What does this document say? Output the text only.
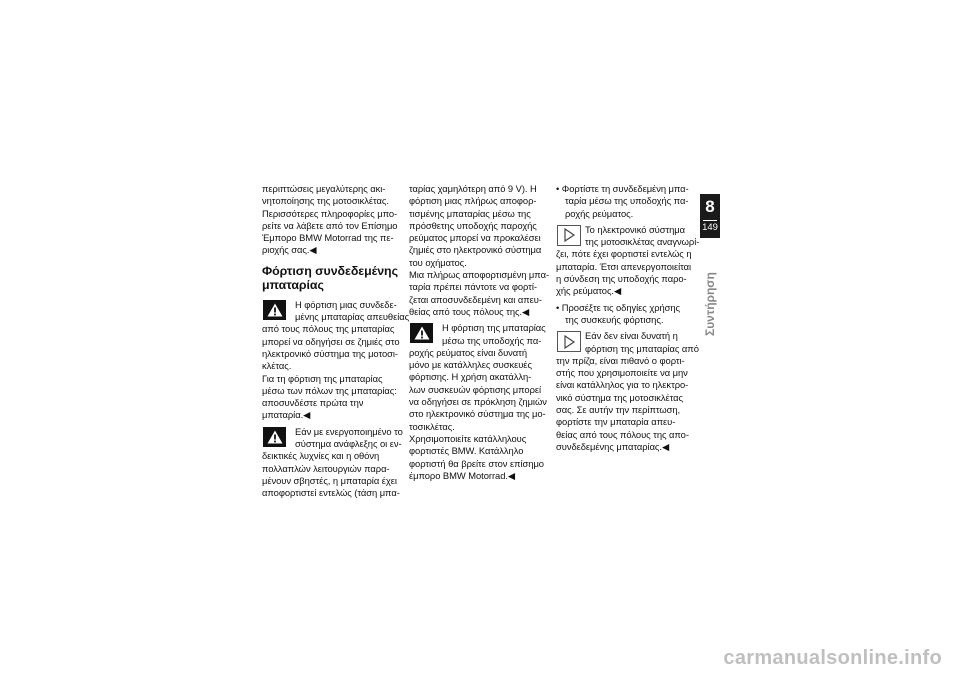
περιπτώσεις μεγαλύτερης ακι-
νητοποίησης της μοτοσικλέτας.
Περισσότερες πληροφορίες μπο-
ρείτε να λάβετε από τον Επίσημο
Έμπορο BMW Motorrad της πε-
ριοχής σας.◀
Φόρτιση συνδεδεμένης
μπαταρίας
Η φόρτιση μιας συνδεδε-
μένης μπαταρίας απευθείας
από τους πόλους της μπαταρίας
μπορεί να οδηγήσει σε ζημιές στο
ηλεκτρονικό σύστημα της μοτοσι-
κλέτας.
Για τη φόρτιση της μπαταρίας
μέσω των πόλων της μπαταρίας:
αποσυνδέστε πρώτα την
μπαταρία.◀
Εάν με ενεργοποιημένο το
σύστημα ανάφλεξης οι εν-
δεικτικές λυχνίες και η οθόνη
πολλαπλών λειτουργιών παρα-
μένουν σβηστές, η μπαταρία έχει
αποφορτιστεί εντελώς (τάση μπα-
ταρίας χαμηλότερη από 9 V). Η
φόρτιση μιας πλήρως αποφορ-
τισμένης μπαταρίας μέσω της
πρόσθετης υποδοχής παροχής
ρεύματος μπορεί να προκαλέσει
ζημιές στο ηλεκτρονικό σύστημα
του οχήματος.
Μια πλήρως αποφορτισμένη μπα-
ταρία πρέπει πάντοτε να φορτί-
ζεται αποσυνδεδεμένη και απευ-
θείας από τους πόλους της.◀
Η φόρτιση της μπαταρίας
μέσω της υποδοχής πα-
ροχής ρεύματος είναι δυνατή
μόνο με κατάλληλες συσκευές
φόρτισης. Η χρήση ακατάλλη-
λων συσκευών φόρτισης μπορεί
να οδηγήσει σε πρόκληση ζημιών
στο ηλεκτρονικό σύστημα της μο-
τοσικλέτας.
Χρησιμοποιείτε κατάλληλους
φορτιστές BMW. Κατάλληλο
φορτιστή θα βρείτε στον επίσημο
έμπορο BMW Motorrad.◀
• Φορτίστε τη συνδεδεμένη μπα-
ταρία μέσω της υποδοχής πα-
ροχής ρεύματος.
Το ηλεκτρονικό σύστημα
της μοτοσικλέτας αναγνωρί-
ζει, πότε έχει φορτιστεί εντελώς η
μπαταρία. Έτσι απενεργοποιείται
η σύνδεση της υποδοχής παρο-
χής ρεύματος.◀
• Προσέξτε τις οδηγίες χρήσης
της συσκευής φόρτισης.
Εάν δεν είναι δυνατή η
φόρτιση της μπαταρίας από
την πρίζα, είναι πιθανό ο φορτι-
στής που χρησιμοποιείτε να μην
είναι κατάλληλος για το ηλεκτρο-
νικό σύστημα της μοτοσικλέτας
σας. Σε αυτήν την περίπτωση,
φορτίστε την μπαταρία απευ-
θείας από τους πόλους της απο-
συνδεδεμένης μπαταρίας.◀
8
149
Συντήρηση
carmanualsonline.info
